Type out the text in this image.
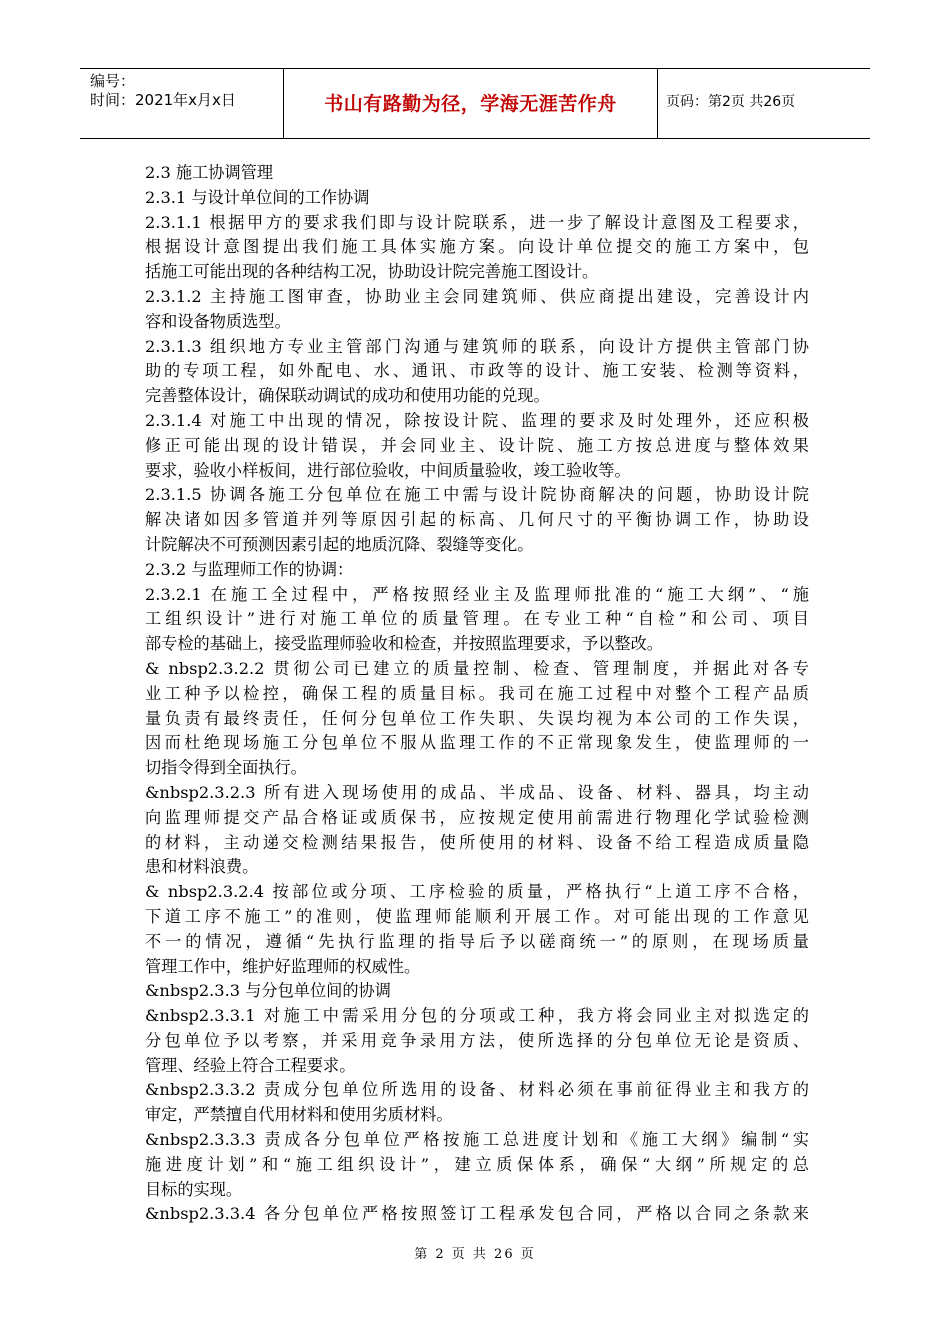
编号：
时间：2021年x月x日	书山有路勤为径，学海无涯苦作舟	页码：第2页 共26页
2.3 施工协调管理
2.3.1 与设计单位间的工作协调
2.3.1.1 根据甲方的要求我们即与设计院联系，进一步了解设计意图及工程要求，
根据设计意图提出我们施工具体实施方案。向设计单位提交的施工方案中，包
括施工可能出现的各种结构工况，协助设计院完善施工图设计。
2.3.1.2 主持施工图审查，协助业主会同建筑师、供应商提出建设，完善设计内
容和设备物质选型。
2.3.1.3 组织地方专业主管部门沟通与建筑师的联系，向设计方提供主管部门协
助的专项工程，如外配电、水、通讯、市政等的设计、施工安装、检测等资料，
完善整体设计，确保联动调试的成功和使用功能的兑现。
2.3.1.4 对施工中出现的情况，除按设计院、监理的要求及时处理外，还应积极
修正可能出现的设计错误，并会同业主、设计院、施工方按总进度与整体效果
要求，验收小样板间，进行部位验收，中间质量验收，竣工验收等。
2.3.1.5 协调各施工分包单位在施工中需与设计院协商解决的问题，协助设计院
解决诸如因多管道并列等原因引起的标高、几何尺寸的平衡协调工作，协助设
计院解决不可预测因素引起的地质沉降、裂缝等变化。
2.3.2 与监理师工作的协调：
2.3.2.1 在施工全过程中，严格按照经业主及监理师批准的“施工大纲”、“施
工组织设计”进行对施工单位的质量管理。在专业工种“自检”和公司、项目
部专检的基础上，接受监理师验收和检查，并按照监理要求，予以整改。
& nbsp2.3.2.2 贯彻公司已建立的质量控制、检查、管理制度，并据此对各专
业工种予以检控，确保工程的质量目标。我司在施工过程中对整个工程产品质
量负责有最终责任，任何分包单位工作失职、失误均视为本公司的工作失误，
因而杜绝现场施工分包单位不服从监理工作的不正常现象发生，使监理师的一
切指令得到全面执行。
&nbsp2.3.2.3 所有进入现场使用的成品、半成品、设备、材料、器具，均主动
向监理师提交产品合格证或质保书，应按规定使用前需进行物理化学试验检测
的材料，主动递交检测结果报告，使所使用的材料、设备不给工程造成质量隐
患和材料浪费。
& nbsp2.3.2.4 按部位或分项、工序检验的质量，严格执行“上道工序不合格，
下道工序不施工”的准则，使监理师能顺利开展工作。对可能出现的工作意见
不一的情况，遵循“先执行监理的指导后予以磋商统一”的原则，在现场质量
管理工作中，维护好监理师的权威性。
&nbsp2.3.3 与分包单位间的协调
&nbsp2.3.3.1 对施工中需采用分包的分项或工种，我方将会同业主对拟选定的
分包单位予以考察，并采用竞争录用方法，使所选择的分包单位无论是资质、
管理、经验上符合工程要求。
&nbsp2.3.3.2 责成分包单位所选用的设备、材料必须在事前征得业主和我方的
审定，严禁擅自代用材料和使用劣质材料。
&nbsp2.3.3.3 责成各分包单位严格按施工总进度计划和《施工大纲》编制“实
施进度计划”和“施工组织设计”，建立质保体系，确保“大纲”所规定的总
目标的实现。
&nbsp2.3.3.4 各分包单位严格按照签订工程承发包合同，严格以合同之条款来
第 2 页 共 26 页
